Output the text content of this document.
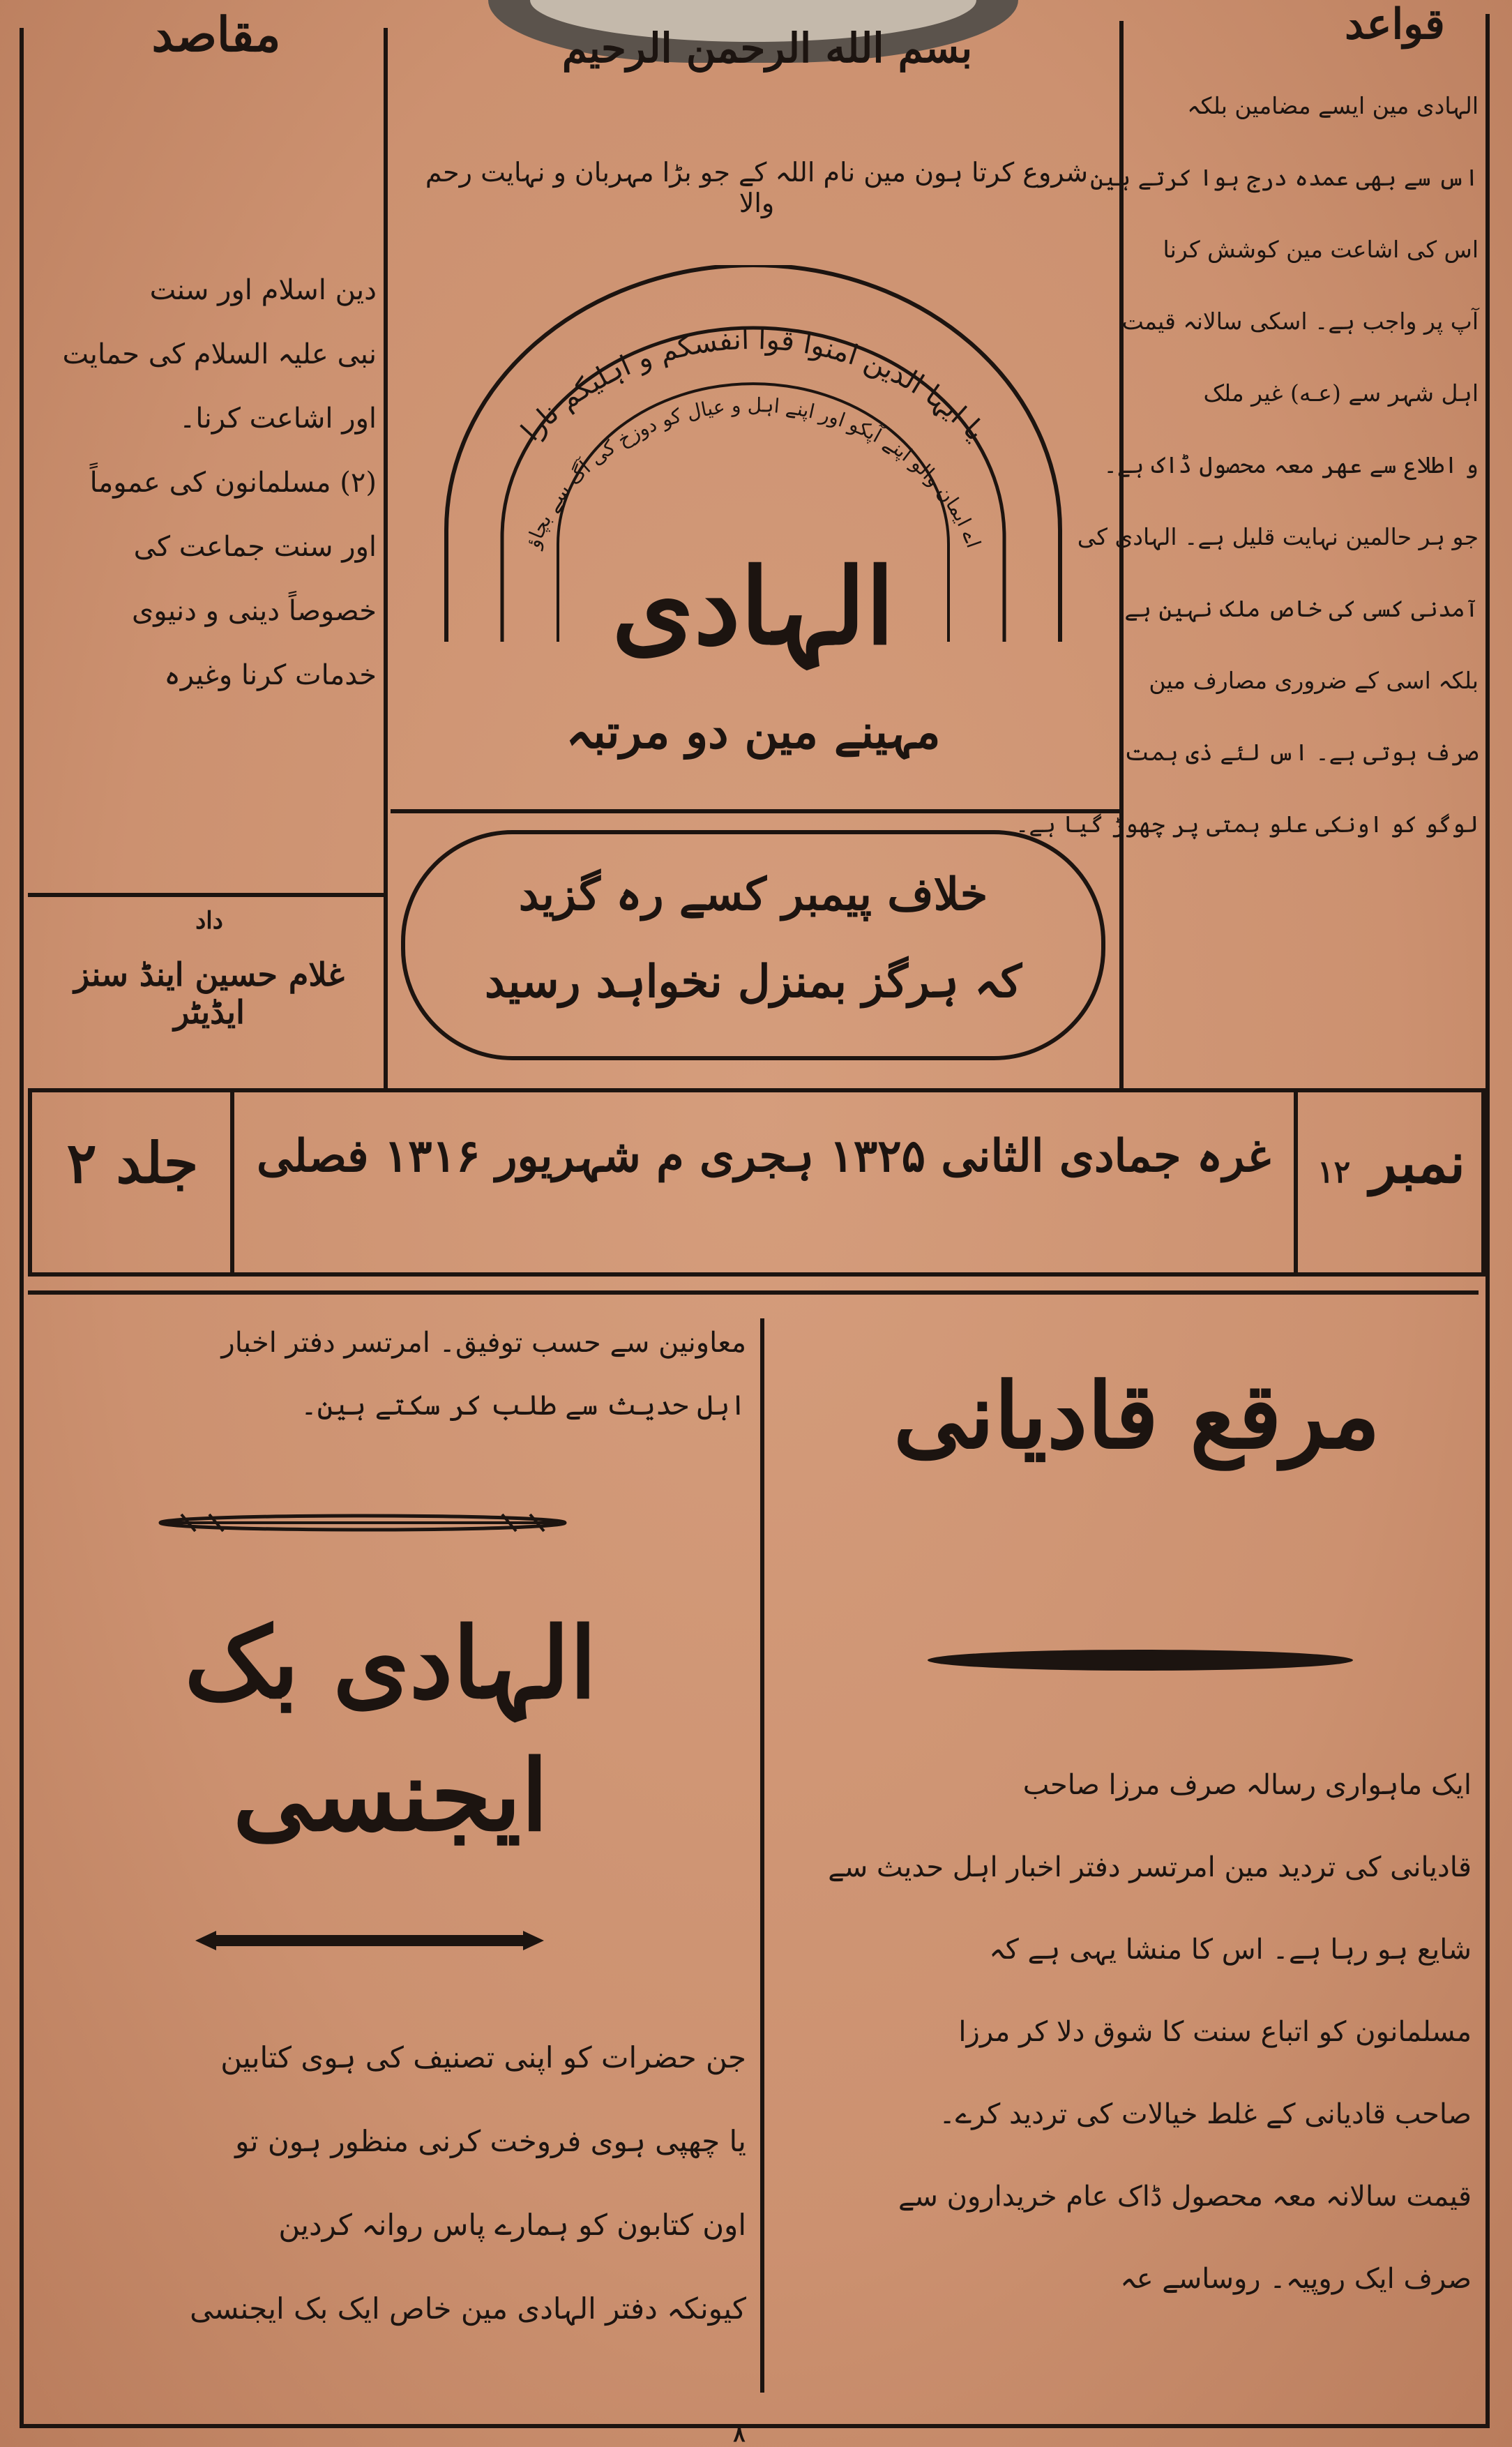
مقاصد

دین اسلام اور سنت

نبی علیہ السلام کی حمایت

اور اشاعت کرنا۔

(۲) مسلمانون کی عموماً

اور سنت جماعت کی

خصوصاً دینی و دنیوی

خدمات کرنا وغیرہ

داد
غلام حسین اینڈ سنز ایڈیٹر
قواعد

الہادی مین ایسے مضامین بلکہ

اس سے بھی عمدہ درج ہوا کرتے ہین

اس کی اشاعت مین کوشش کرنا

آپ پر واجب ہے۔ اسکی سالانہ قیمت

اہل شہر سے (عـه) غیر ملک

و اطلاع سے عهر معہ محصول ڈاک ہے۔

جو ہر حالمین نہایت قلیل ہے۔ الہادی کی

آمدنی کسی کی خاص ملک نہین ہے

بلکہ اسی کے ضروری مصارف مین

صرف ہوتی ہے۔ اس لئے ذی ہمت

لوگو کو اونکی علو ہمتی پر چھوڑ گیا ہے۔

بسم الله الرحمن الرحیم
شروع کرتا ہون مین نام اللہ کے جو بڑا مہربان و نہایت رحم والا
یا ایہا الذین امنوا قوا انفسکم و اہلیکم نارا
اے ایمان والو اپنے آپکو اور اپنے اہل و عیال کو دوزخ کی آگ سے بچاؤ
الہادی
مہینے مین دو مرتبہ
خلاف پیمبر کسے رہ گزید
کہ ہرگز بمنزل نخواہد رسید
نمبر ۱۲
غرہ جمادی الثانی ۱۳۲۵ ہجری م شہریور ۱۳۱۶ فصلی
جلد ۲

معاونین سے حسب توفیق۔ امرتسر دفتر اخبار

اہل حدیث سے طلب کر سکتے ہین۔

الہادی بک ایجنسی

جن حضرات کو اپنی تصنیف کی ہوی کتابین

یا چھپی ہوی فروخت کرنی منظور ہون تو

اون کتابون کو ہمارے پاس روانہ کردین

کیونکہ دفتر الہادی مین خاص ایک بک ایجنسی

مرقع قادیانی

ایک ماہواری رسالہ صرف مرزا صاحب

قادیانی کی تردید مین امرتسر دفتر اخبار اہل حدیث سے

شایع ہو رہا ہے۔ اس کا منشا یہی ہے کہ

مسلمانون کو اتباع سنت کا شوق دلا کر مرزا

صاحب قادیانی کے غلط خیالات کی تردید کرے۔

قیمت سالانہ معہ محصول ڈاک عام خریدارون سے

صرف ایک روپیہ۔ روساسے عہ

۸
